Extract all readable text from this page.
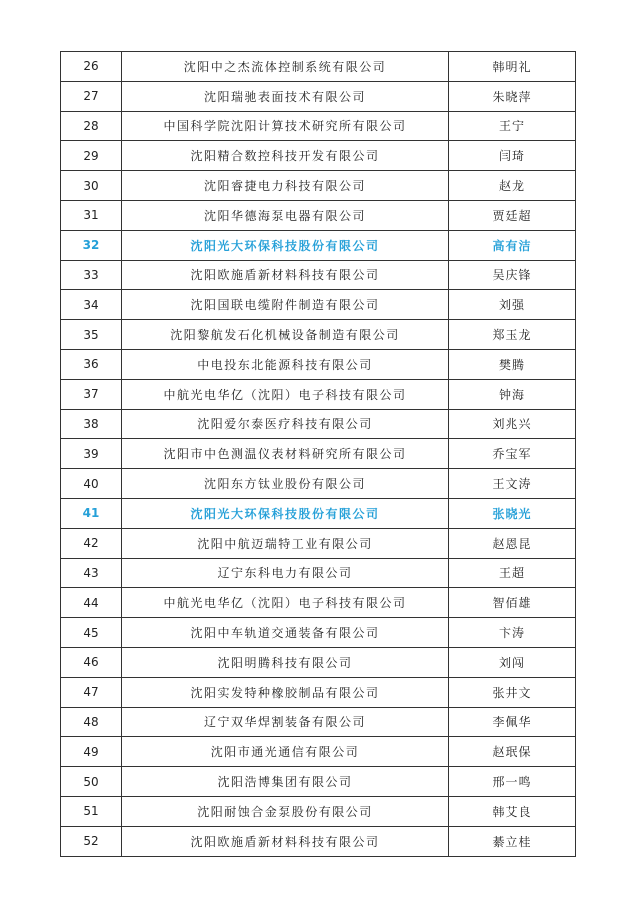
26	沈阳中之杰流体控制系统有限公司	韩明礼
27	沈阳瑞驰表面技术有限公司	朱晓萍
28	中国科学院沈阳计算技术研究所有限公司	王宁
29	沈阳精合数控科技开发有限公司	闫琦
30	沈阳睿捷电力科技有限公司	赵龙
31	沈阳华德海泵电器有限公司	贾廷超
32	沈阳光大环保科技股份有限公司	高有洁
33	沈阳欧施盾新材料科技有限公司	吴庆锋
34	沈阳国联电缆附件制造有限公司	刘强
35	沈阳黎航发石化机械设备制造有限公司	郑玉龙
36	中电投东北能源科技有限公司	樊腾
37	中航光电华亿（沈阳）电子科技有限公司	钟海
38	沈阳爱尔泰医疗科技有限公司	刘兆兴
39	沈阳市中色测温仪表材料研究所有限公司	乔宝军
40	沈阳东方钛业股份有限公司	王文涛
41	沈阳光大环保科技股份有限公司	张晓光
42	沈阳中航迈瑞特工业有限公司	赵恩昆
43	辽宁东科电力有限公司	王超
44	中航光电华亿（沈阳）电子科技有限公司	智佰雄
45	沈阳中车轨道交通装备有限公司	卞涛
46	沈阳明腾科技有限公司	刘闯
47	沈阳实发特种橡胶制品有限公司	张井文
48	辽宁双华焊割装备有限公司	李佩华
49	沈阳市通光通信有限公司	赵珉保
50	沈阳浩博集团有限公司	邢一鸣
51	沈阳耐蚀合金泵股份有限公司	韩艾良
52	沈阳欧施盾新材料科技有限公司	綦立桂
